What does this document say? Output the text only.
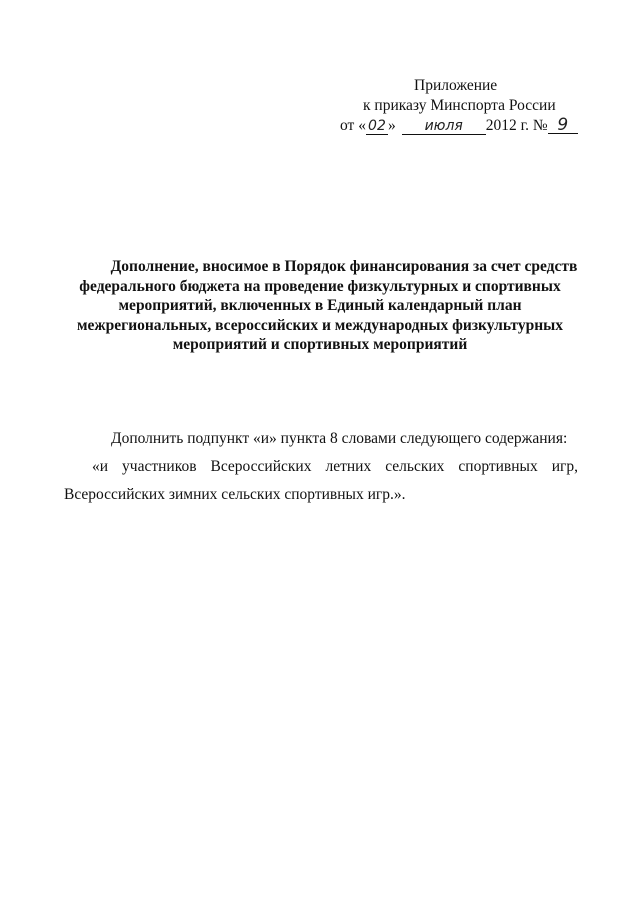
Приложение
к приказу Минспорта России
от « 02 » июля 2012 г. № 9
Дополнение, вносимое в Порядок финансирования за счет средств
федерального бюджета на проведение физкультурных и спортивных
мероприятий, включенных в Единый календарный план
межрегиональных, всероссийских и международных физкультурных
мероприятий и спортивных мероприятий
Дополнить подпункт «и» пункта 8 словами следующего содержания:
«и участников Всероссийских летних сельских спортивных игр,
Всероссийских зимних сельских спортивных игр.».
